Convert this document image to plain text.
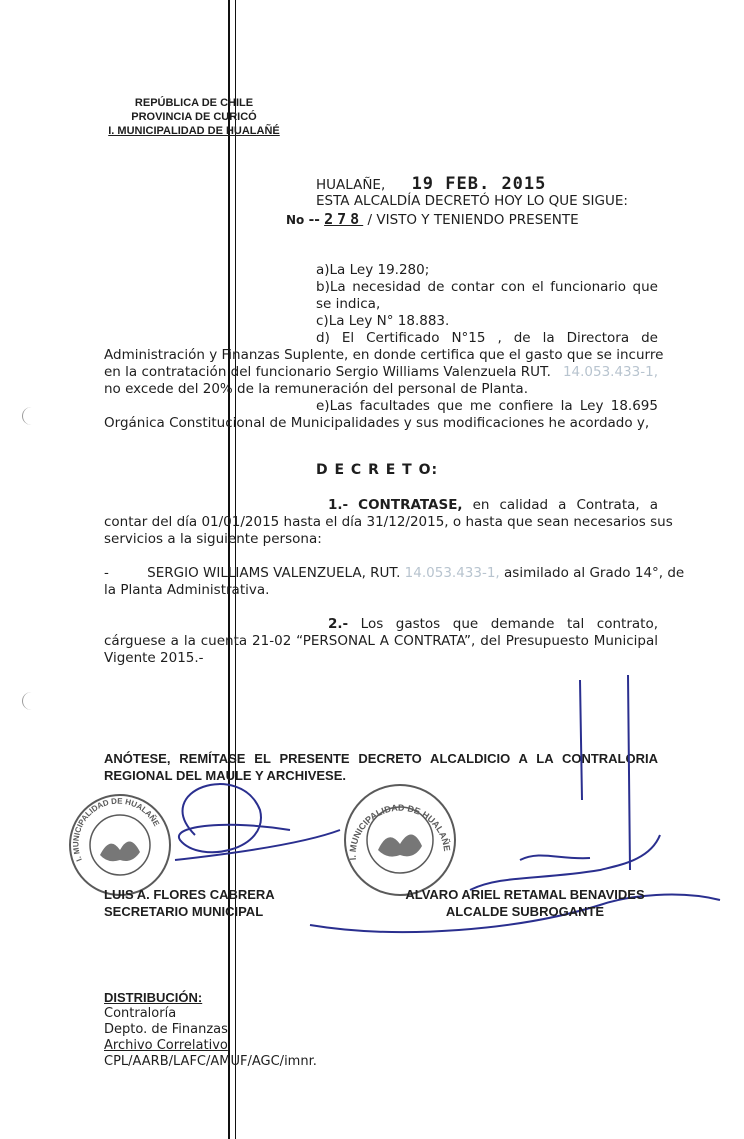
REPÚBLICA DE CHILE
PROVINCIA DE CURICÓ
I. MUNICIPALIDAD DE HUALAÑÉ
HUALAÑE, 19 FEB. 2015
ESTA ALCALDÍA DECRETÓ HOY LO QUE SIGUE:
No -- 278 / VISTO Y TENIENDO PRESENTE
a)La Ley 19.280;
b)La necesidad de contar con el funcionario que
se indica,
c)La Ley N° 18.883.
d) El Certificado N°15 , de la Directora de
Administración y Finanzas Suplente, en donde certifica que el gasto que se incurre
en la contratación del funcionario Sergio Williams Valenzuela RUT. 14.053.433-1,
no excede del 20% de la remuneración del personal de Planta.
e)Las facultades que me confiere la Ley 18.695
Orgánica Constitucional de Municipalidades y sus modificaciones he acordado y,
D E C R E T O:
1.- CONTRATASE, en calidad a Contrata, a
contar del día 01/01/2015 hasta el día 31/12/2015, o hasta que sean necesarios sus
servicios a la siguiente persona:
-	SERGIO WILLIAMS VALENZUELA, RUT. 14.053.433-1, asimilado al Grado 14°, de
la Planta Administrativa.
2.- Los gastos que demande tal contrato,
cárguese a la cuenta 21-02 “PERSONAL A CONTRATA”, del Presupuesto Municipal
Vigente 2015.-
ANÓTESE, REMÍTASE EL PRESENTE DECRETO ALCALDICIO A LA CONTRALORIA
REGIONAL DEL MAULE Y ARCHIVESE.
I. MUNICIPALIDAD DE HUALAÑE
I. MUNICIPALIDAD DE HUALAÑE
LUIS A. FLORES CABRERA
SECRETARIO MUNICIPAL
ALVARO ARIEL RETAMAL BENAVIDES
ALCALDE SUBROGANTE
DISTRIBUCIÓN:
Contraloría
Depto. de Finanzas
Archivo Correlativo
CPL/AARB/LAFC/AMUF/AGC/imnr.
